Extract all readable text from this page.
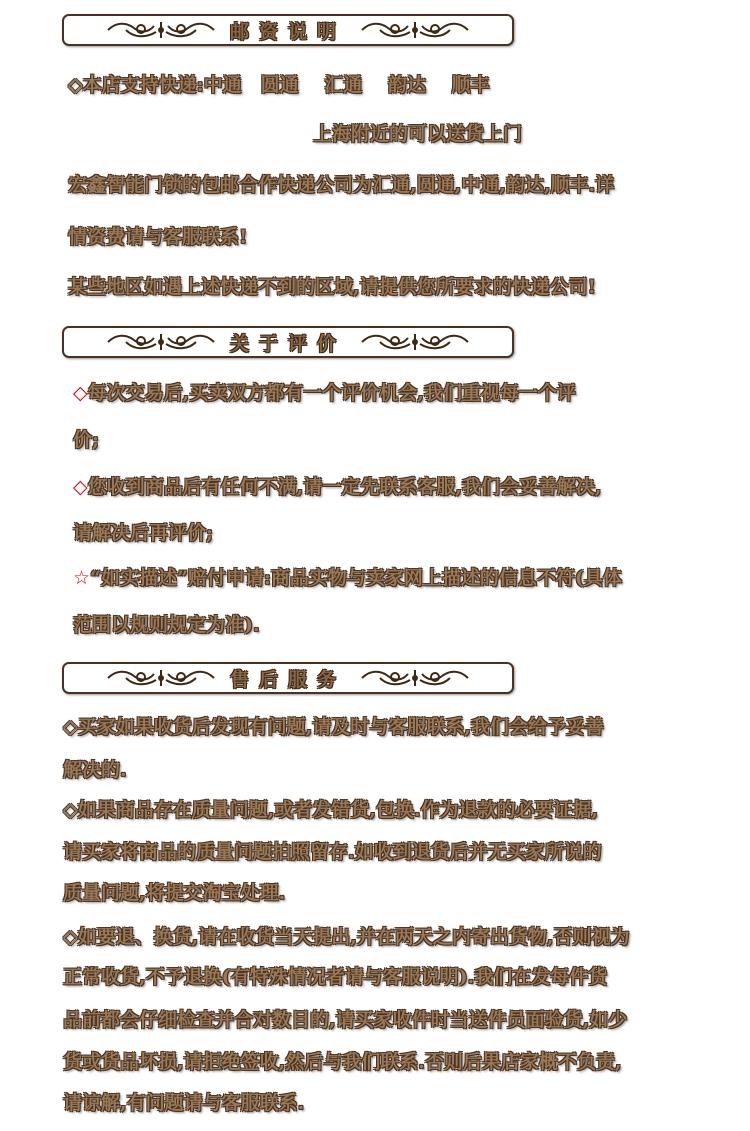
邮资说明
◇本店支持快递:中通　圆通　 汇通　 韵达　 顺丰
上海附近的可以送货上门
宏鑫智能门锁的包邮合作快递公司为汇通,圆通,中通,韵达,顺丰.详
情资费请与客服联系!
某些地区如遇上述快递不到的区域,请提供您所要求的快递公司!
关于评价
◇每次交易后,买卖双方都有一个评价机会,我们重视每一个评
价;
◇您收到商品后有任何不满,请一定先联系客服,我们会妥善解决,
请解决后再评价;
☆“如实描述”赔付申请:商品实物与卖家网上描述的信息不符(具体
范围以规则规定为准).
售后服务
◇买家如果收货后发现有问题,请及时与客服联系,我们会给予妥善
解决的.
◇如果商品存在质量问题,或者发错货,包换.作为退款的必要证据,
请买家将商品的质量问题拍照留存.如收到退货后并无买家所说的
质量问题,将提交淘宝处理.
◇如要退、换货,请在收货当天提出,并在两天之内寄出货物,否则视为
正常收货,不予退换(有特殊情况者请与客服说明).我们在发每件货
品前都会仔细检查并合对数目的,请买家收件时当送件员面验货,如少
货或货品坏损,请拒绝签收,然后与我们联系.否则后果店家概不负责,
请谅解,有问题请与客服联系.
